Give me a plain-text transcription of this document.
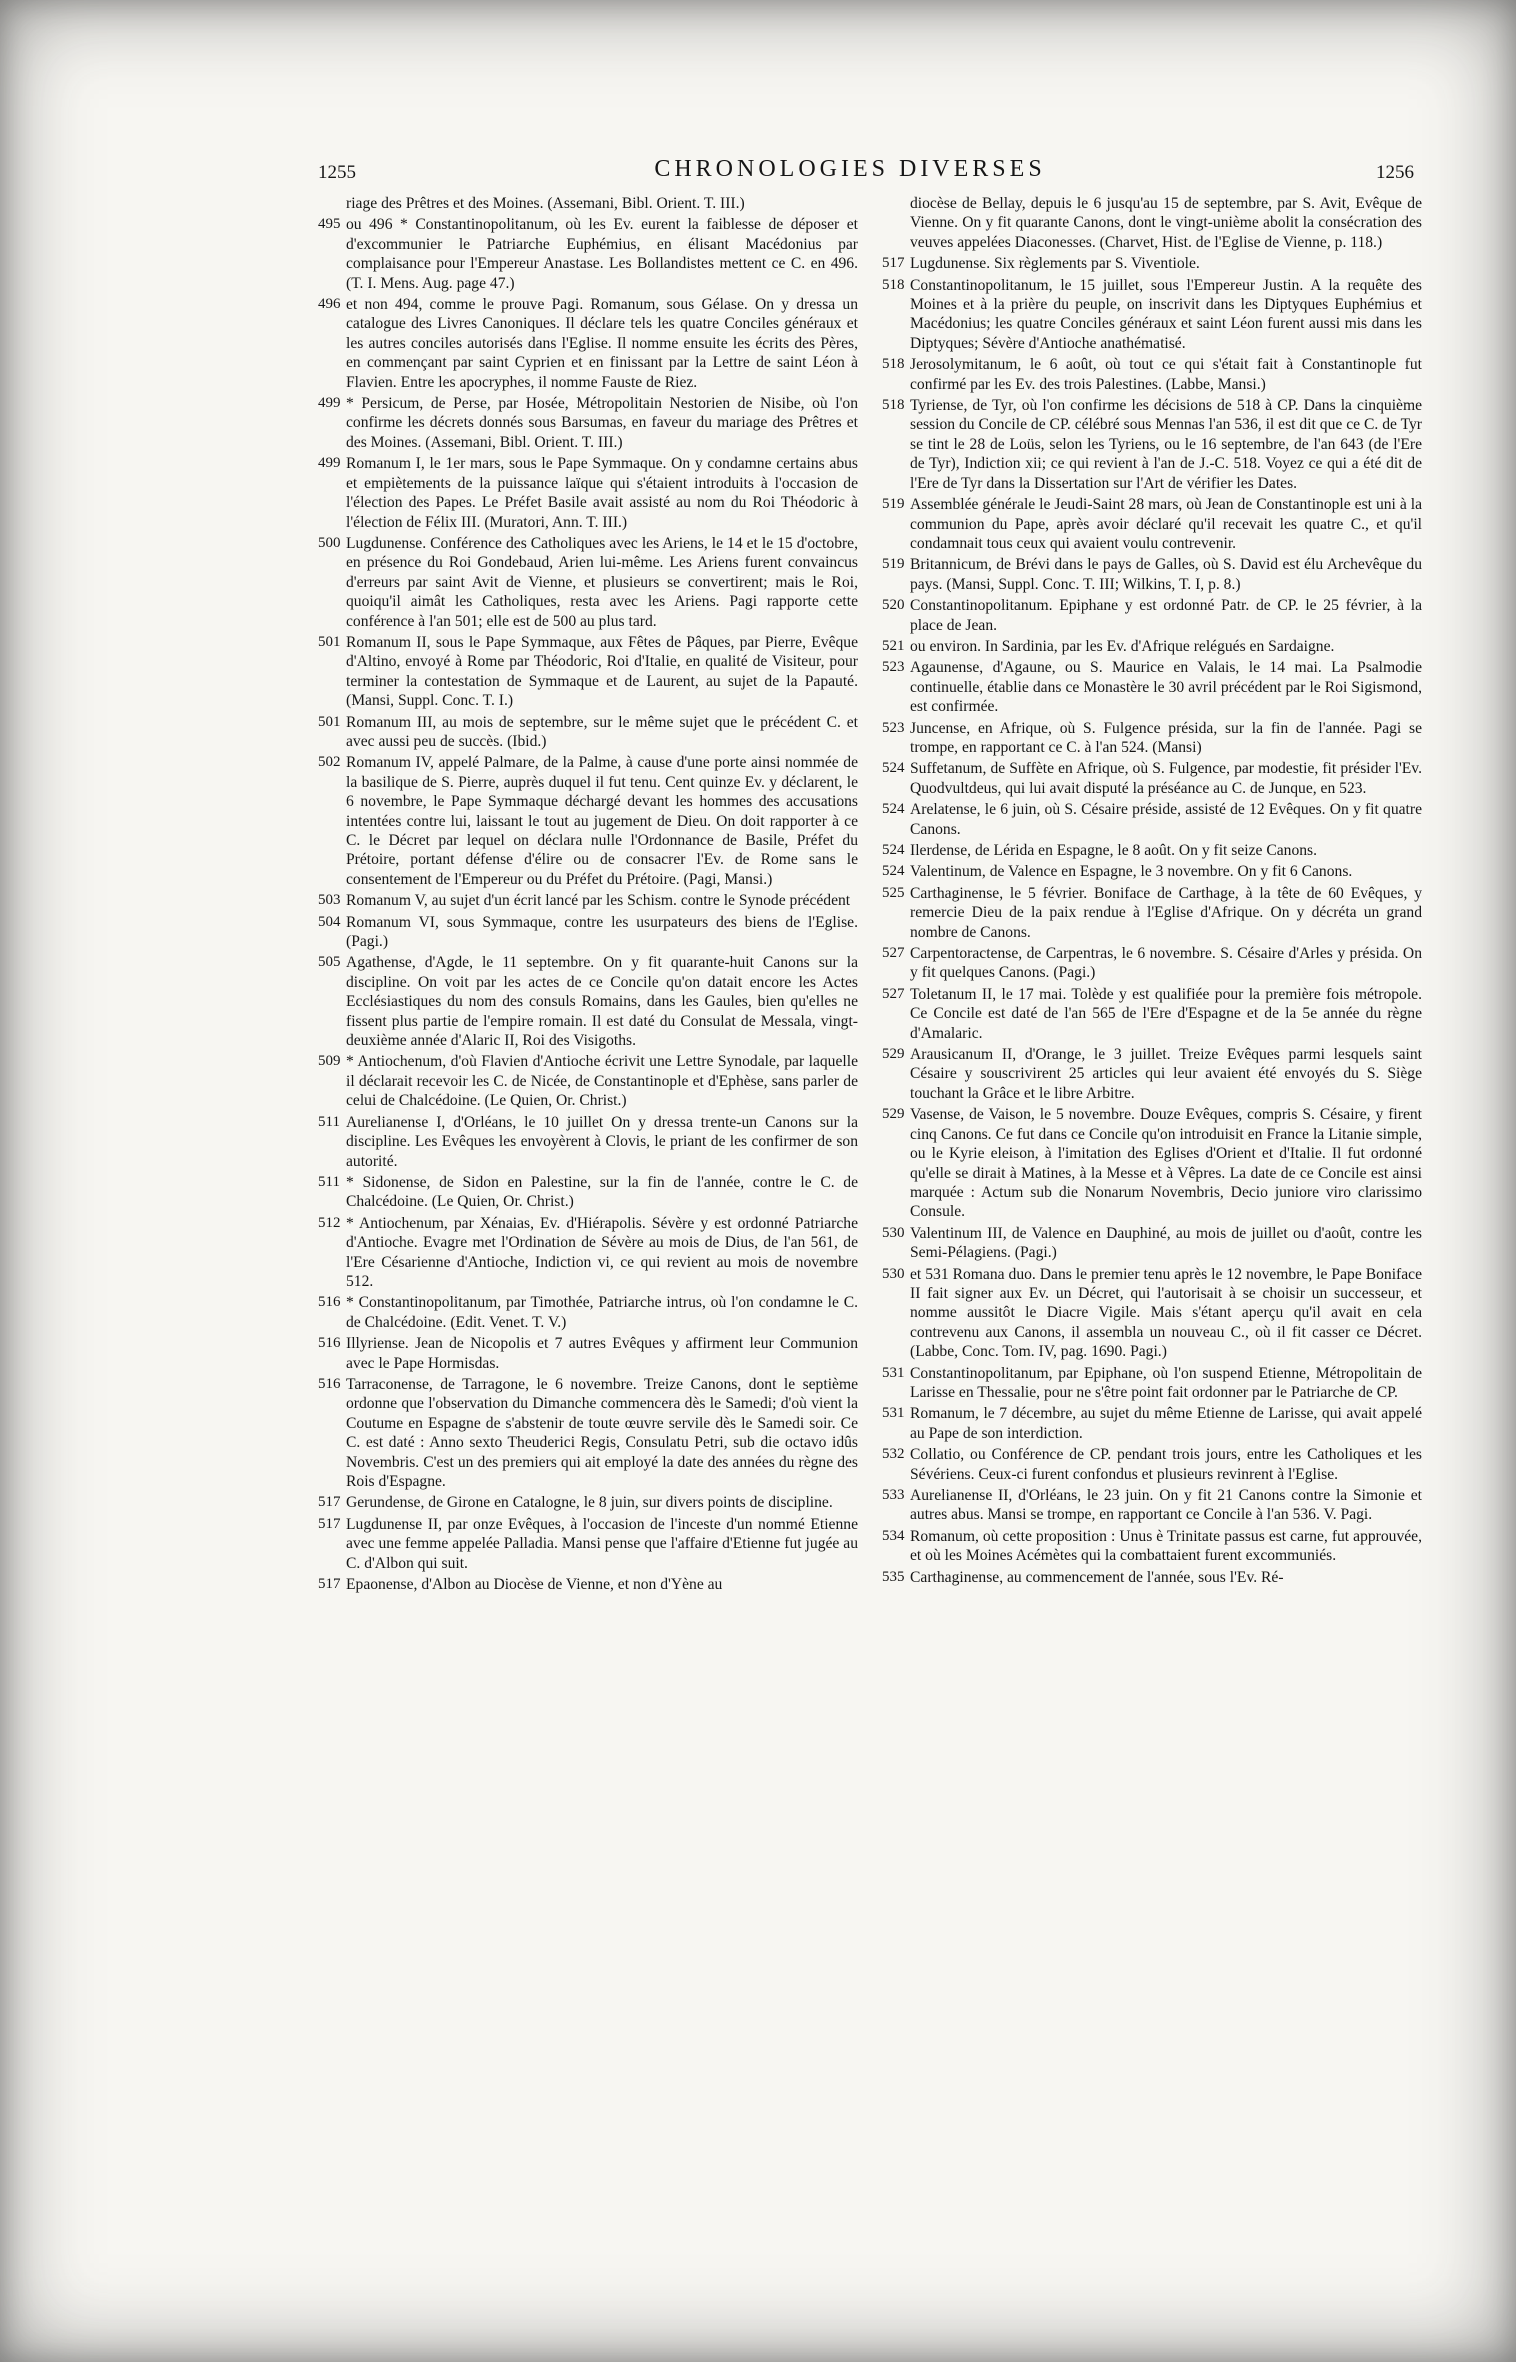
1255	CHRONOLOGIES DIVERSES	1256
riage des Prêtres et des Moines. (Assemani, Bibl. Orient. T. III.)
495 ou 496 * Constantinopolitanum, où les Ev. eurent la faiblesse de déposer et d'excommunier le Patriarche Euphémius, en élisant Macédonius par complaisance pour l'Empereur Anastase. Les Bollandistes mettent ce C. en 496. (T. I. Mens. Aug. page 47.)
496 et non 494, comme le prouve Pagi. Romanum, sous Gélase. On y dressa un catalogue des Livres Canoniques. Il déclare tels les quatre Conciles généraux et les autres conciles autorisés dans l'Eglise. Il nomme ensuite les écrits des Pères, en commençant par saint Cyprien et en finissant par la Lettre de saint Léon à Flavien. Entre les apocryphes, il nomme Fauste de Riez.
499 * Persicum, de Perse, par Hosée, Métropolitain Nestorien de Nisibe, où l'on confirme les décrets donnés sous Barsumas, en faveur du mariage des Prêtres et des Moines. (Assemani, Bibl. Orient. T. III.)
499 Romanum I, le 1er mars, sous le Pape Symmaque. On y condamne certains abus et empiètements de la puissance laïque qui s'étaient introduits à l'occasion de l'élection des Papes. Le Préfet Basile avait assisté au nom du Roi Théodoric à l'élection de Félix III. (Muratori, Ann. T. III.)
500 Lugdunense. Conférence des Catholiques avec les Ariens, le 14 et le 15 d'octobre, en présence du Roi Gondebaud, Arien lui-même. Les Ariens furent convaincus d'erreurs par saint Avit de Vienne, et plusieurs se convertirent; mais le Roi, quoiqu'il aimât les Catholiques, resta avec les Ariens. Pagi rapporte cette conférence à l'an 501; elle est de 500 au plus tard.
501 Romanum II, sous le Pape Symmaque, aux Fêtes de Pâques, par Pierre, Evêque d'Altino, envoyé à Rome par Théodoric, Roi d'Italie, en qualité de Visiteur, pour terminer la contestation de Symmaque et de Laurent, au sujet de la Papauté. (Mansi, Suppl. Conc. T. I.)
501 Romanum III, au mois de septembre, sur le même sujet que le précédent C. et avec aussi peu de succès. (Ibid.)
502 Romanum IV, appelé Palmare, de la Palme, à cause d'une porte ainsi nommée de la basilique de S. Pierre, auprès duquel il fut tenu. Cent quinze Ev. y déclarent, le 6 novembre, le Pape Symmaque déchargé devant les hommes des accusations intentées contre lui, laissant le tout au jugement de Dieu. On doit rapporter à ce C. le Décret par lequel on déclara nulle l'Ordonnance de Basile, Préfet du Prétoire, portant défense d'élire ou de consacrer l'Ev. de Rome sans le consentement de l'Empereur ou du Préfet du Prétoire. (Pagi, Mansi.)
503 Romanum V, au sujet d'un écrit lancé par les Schism. contre le Synode précédent
504 Romanum VI, sous Symmaque, contre les usurpateurs des biens de l'Eglise. (Pagi.)
505 Agathense, d'Agde, le 11 septembre. On y fit quarante-huit Canons sur la discipline. On voit par les actes de ce Concile qu'on datait encore les Actes Ecclésiastiques du nom des consuls Romains, dans les Gaules, bien qu'elles ne fissent plus partie de l'empire romain. Il est daté du Consulat de Messala, vingt-deuxième année d'Alaric II, Roi des Visigoths.
509 * Antiochenum, d'où Flavien d'Antioche écrivit une Lettre Synodale, par laquelle il déclarait recevoir les C. de Nicée, de Constantinople et d'Ephèse, sans parler de celui de Chalcédoine. (Le Quien, Or. Christ.)
511 Aurelianense I, d'Orléans, le 10 juillet On y dressa trente-un Canons sur la discipline. Les Evêques les envoyèrent à Clovis, le priant de les confirmer de son autorité.
511 * Sidonense, de Sidon en Palestine, sur la fin de l'année, contre le C. de Chalcédoine. (Le Quien, Or. Christ.)
512 * Antiochenum, par Xénaias, Ev. d'Hiérapolis. Sévère y est ordonné Patriarche d'Antioche. Evagre met l'Ordination de Sévère au mois de Dius, de l'an 561, de l'Ere Césarienne d'Antioche, Indiction vi, ce qui revient au mois de novembre 512.
516 * Constantinopolitanum, par Timothée, Patriarche intrus, où l'on condamne le C. de Chalcédoine. (Edit. Venet. T. V.)
516 Illyriense. Jean de Nicopolis et 7 autres Evêques y affirment leur Communion avec le Pape Hormisdas.
516 Tarraconense, de Tarragone, le 6 novembre. Treize Canons, dont le septième ordonne que l'observation du Dimanche commencera dès le Samedi; d'où vient la Coutume en Espagne de s'abstenir de toute œuvre servile dès le Samedi soir. Ce C. est daté : Anno sexto Theuderici Regis, Consulatu Petri, sub die octavo idûs Novembris. C'est un des premiers qui ait employé la date des années du règne des Rois d'Espagne.
517 Gerundense, de Girone en Catalogne, le 8 juin, sur divers points de discipline.
517 Lugdunense II, par onze Evêques, à l'occasion de l'inceste d'un nommé Etienne avec une femme appelée Palladia. Mansi pense que l'affaire d'Etienne fut jugée au C. d'Albon qui suit.
517 Epaonense, d'Albon au Diocèse de Vienne, et non d'Yène au
diocèse de Bellay, depuis le 6 jusqu'au 15 de septembre, par S. Avit, Evêque de Vienne. On y fit quarante Canons, dont le vingt-unième abolit la consécration des veuves appelées Diaconesses. (Charvet, Hist. de l'Eglise de Vienne, p. 118.)
517 Lugdunense. Six règlements par S. Viventiole.
518 Constantinopolitanum, le 15 juillet, sous l'Empereur Justin. A la requête des Moines et à la prière du peuple, on inscrivit dans les Diptyques Euphémius et Macédonius; les quatre Conciles généraux et saint Léon furent aussi mis dans les Diptyques; Sévère d'Antioche anathématisé.
518 Jerosolymitanum, le 6 août, où tout ce qui s'était fait à Constantinople fut confirmé par les Ev. des trois Palestines. (Labbe, Mansi.)
518 Tyriense, de Tyr, où l'on confirme les décisions de 518 à CP. Dans la cinquième session du Concile de CP. célébré sous Mennas l'an 536, il est dit que ce C. de Tyr se tint le 28 de Loüs, selon les Tyriens, ou le 16 septembre, de l'an 643 (de l'Ere de Tyr), Indiction xii; ce qui revient à l'an de J.-C. 518. Voyez ce qui a été dit de l'Ere de Tyr dans la Dissertation sur l'Art de vérifier les Dates.
519 Assemblée générale le Jeudi-Saint 28 mars, où Jean de Constantinople est uni à la communion du Pape, après avoir déclaré qu'il recevait les quatre C., et qu'il condamnait tous ceux qui avaient voulu contrevenir.
519 Britannicum, de Brévi dans le pays de Galles, où S. David est élu Archevêque du pays. (Mansi, Suppl. Conc. T. III; Wilkins, T. I, p. 8.)
520 Constantinopolitanum. Epiphane y est ordonné Patr. de CP. le 25 février, à la place de Jean.
521 ou environ. In Sardinia, par les Ev. d'Afrique relégués en Sardaigne.
523 Agaunense, d'Agaune, ou S. Maurice en Valais, le 14 mai. La Psalmodie continuelle, établie dans ce Monastère le 30 avril précédent par le Roi Sigismond, est confirmée.
523 Juncense, en Afrique, où S. Fulgence présida, sur la fin de l'année. Pagi se trompe, en rapportant ce C. à l'an 524. (Mansi)
524 Suffetanum, de Suffète en Afrique, où S. Fulgence, par modestie, fit présider l'Ev. Quodvultdeus, qui lui avait disputé la préséance au C. de Junque, en 523.
524 Arelatense, le 6 juin, où S. Césaire préside, assisté de 12 Evêques. On y fit quatre Canons.
524 Ilerdense, de Lérida en Espagne, le 8 août. On y fit seize Canons.
524 Valentinum, de Valence en Espagne, le 3 novembre. On y fit 6 Canons.
525 Carthaginense, le 5 février. Boniface de Carthage, à la tête de 60 Evêques, y remercie Dieu de la paix rendue à l'Eglise d'Afrique. On y décréta un grand nombre de Canons.
527 Carpentoractense, de Carpentras, le 6 novembre. S. Césaire d'Arles y présida. On y fit quelques Canons. (Pagi.)
527 Toletanum II, le 17 mai. Tolède y est qualifiée pour la première fois métropole. Ce Concile est daté de l'an 565 de l'Ere d'Espagne et de la 5e année du règne d'Amalaric.
529 Arausicanum II, d'Orange, le 3 juillet. Treize Evêques parmi lesquels saint Césaire y souscrivirent 25 articles qui leur avaient été envoyés du S. Siège touchant la Grâce et le libre Arbitre.
529 Vasense, de Vaison, le 5 novembre. Douze Evêques, compris S. Césaire, y firent cinq Canons. Ce fut dans ce Concile qu'on introduisit en France la Litanie simple, ou le Kyrie eleison, à l'imitation des Eglises d'Orient et d'Italie. Il fut ordonné qu'elle se dirait à Matines, à la Messe et à Vêpres. La date de ce Concile est ainsi marquée : Actum sub die Nonarum Novembris, Decio juniore viro clarissimo Consule.
530 Valentinum III, de Valence en Dauphiné, au mois de juillet ou d'août, contre les Semi-Pélagiens. (Pagi.)
530 et 531 Romana duo. Dans le premier tenu après le 12 novembre, le Pape Boniface II fait signer aux Ev. un Décret, qui l'autorisait à se choisir un successeur, et nomme aussitôt le Diacre Vigile. Mais s'étant aperçu qu'il avait en cela contrevenu aux Canons, il assembla un nouveau C., où il fit casser ce Décret. (Labbe, Conc. Tom. IV, pag. 1690. Pagi.)
531 Constantinopolitanum, par Epiphane, où l'on suspend Etienne, Métropolitain de Larisse en Thessalie, pour ne s'être point fait ordonner par le Patriarche de CP.
531 Romanum, le 7 décembre, au sujet du même Etienne de Larisse, qui avait appelé au Pape de son interdiction.
532 Collatio, ou Conférence de CP. pendant trois jours, entre les Catholiques et les Sévériens. Ceux-ci furent confondus et plusieurs revinrent à l'Eglise.
533 Aurelianense II, d'Orléans, le 23 juin. On y fit 21 Canons contre la Simonie et autres abus. Mansi se trompe, en rapportant ce Concile à l'an 536. V. Pagi.
534 Romanum, où cette proposition : Unus è Trinitate passus est carne, fut approuvée, et où les Moines Acémètes qui la combattaient furent excommuniés.
535 Carthaginense, au commencement de l'année, sous l'Ev. Ré-
